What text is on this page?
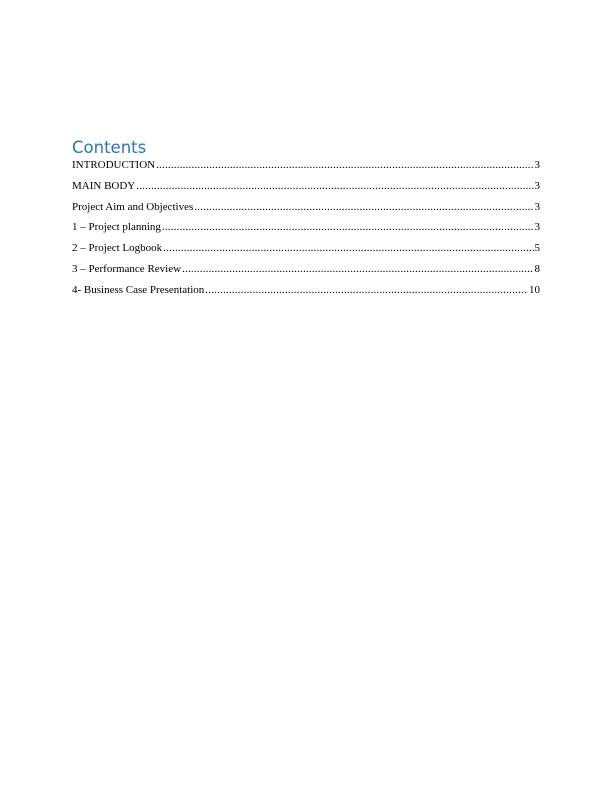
Contents
INTRODUCTION .....	3
MAIN BODY .....	3
Project Aim and Objectives .....	3
1 – Project planning .....	3
2 – Project Logbook .....	5
3 – Performance Review .....	8
4- Business Case Presentation .....	10
